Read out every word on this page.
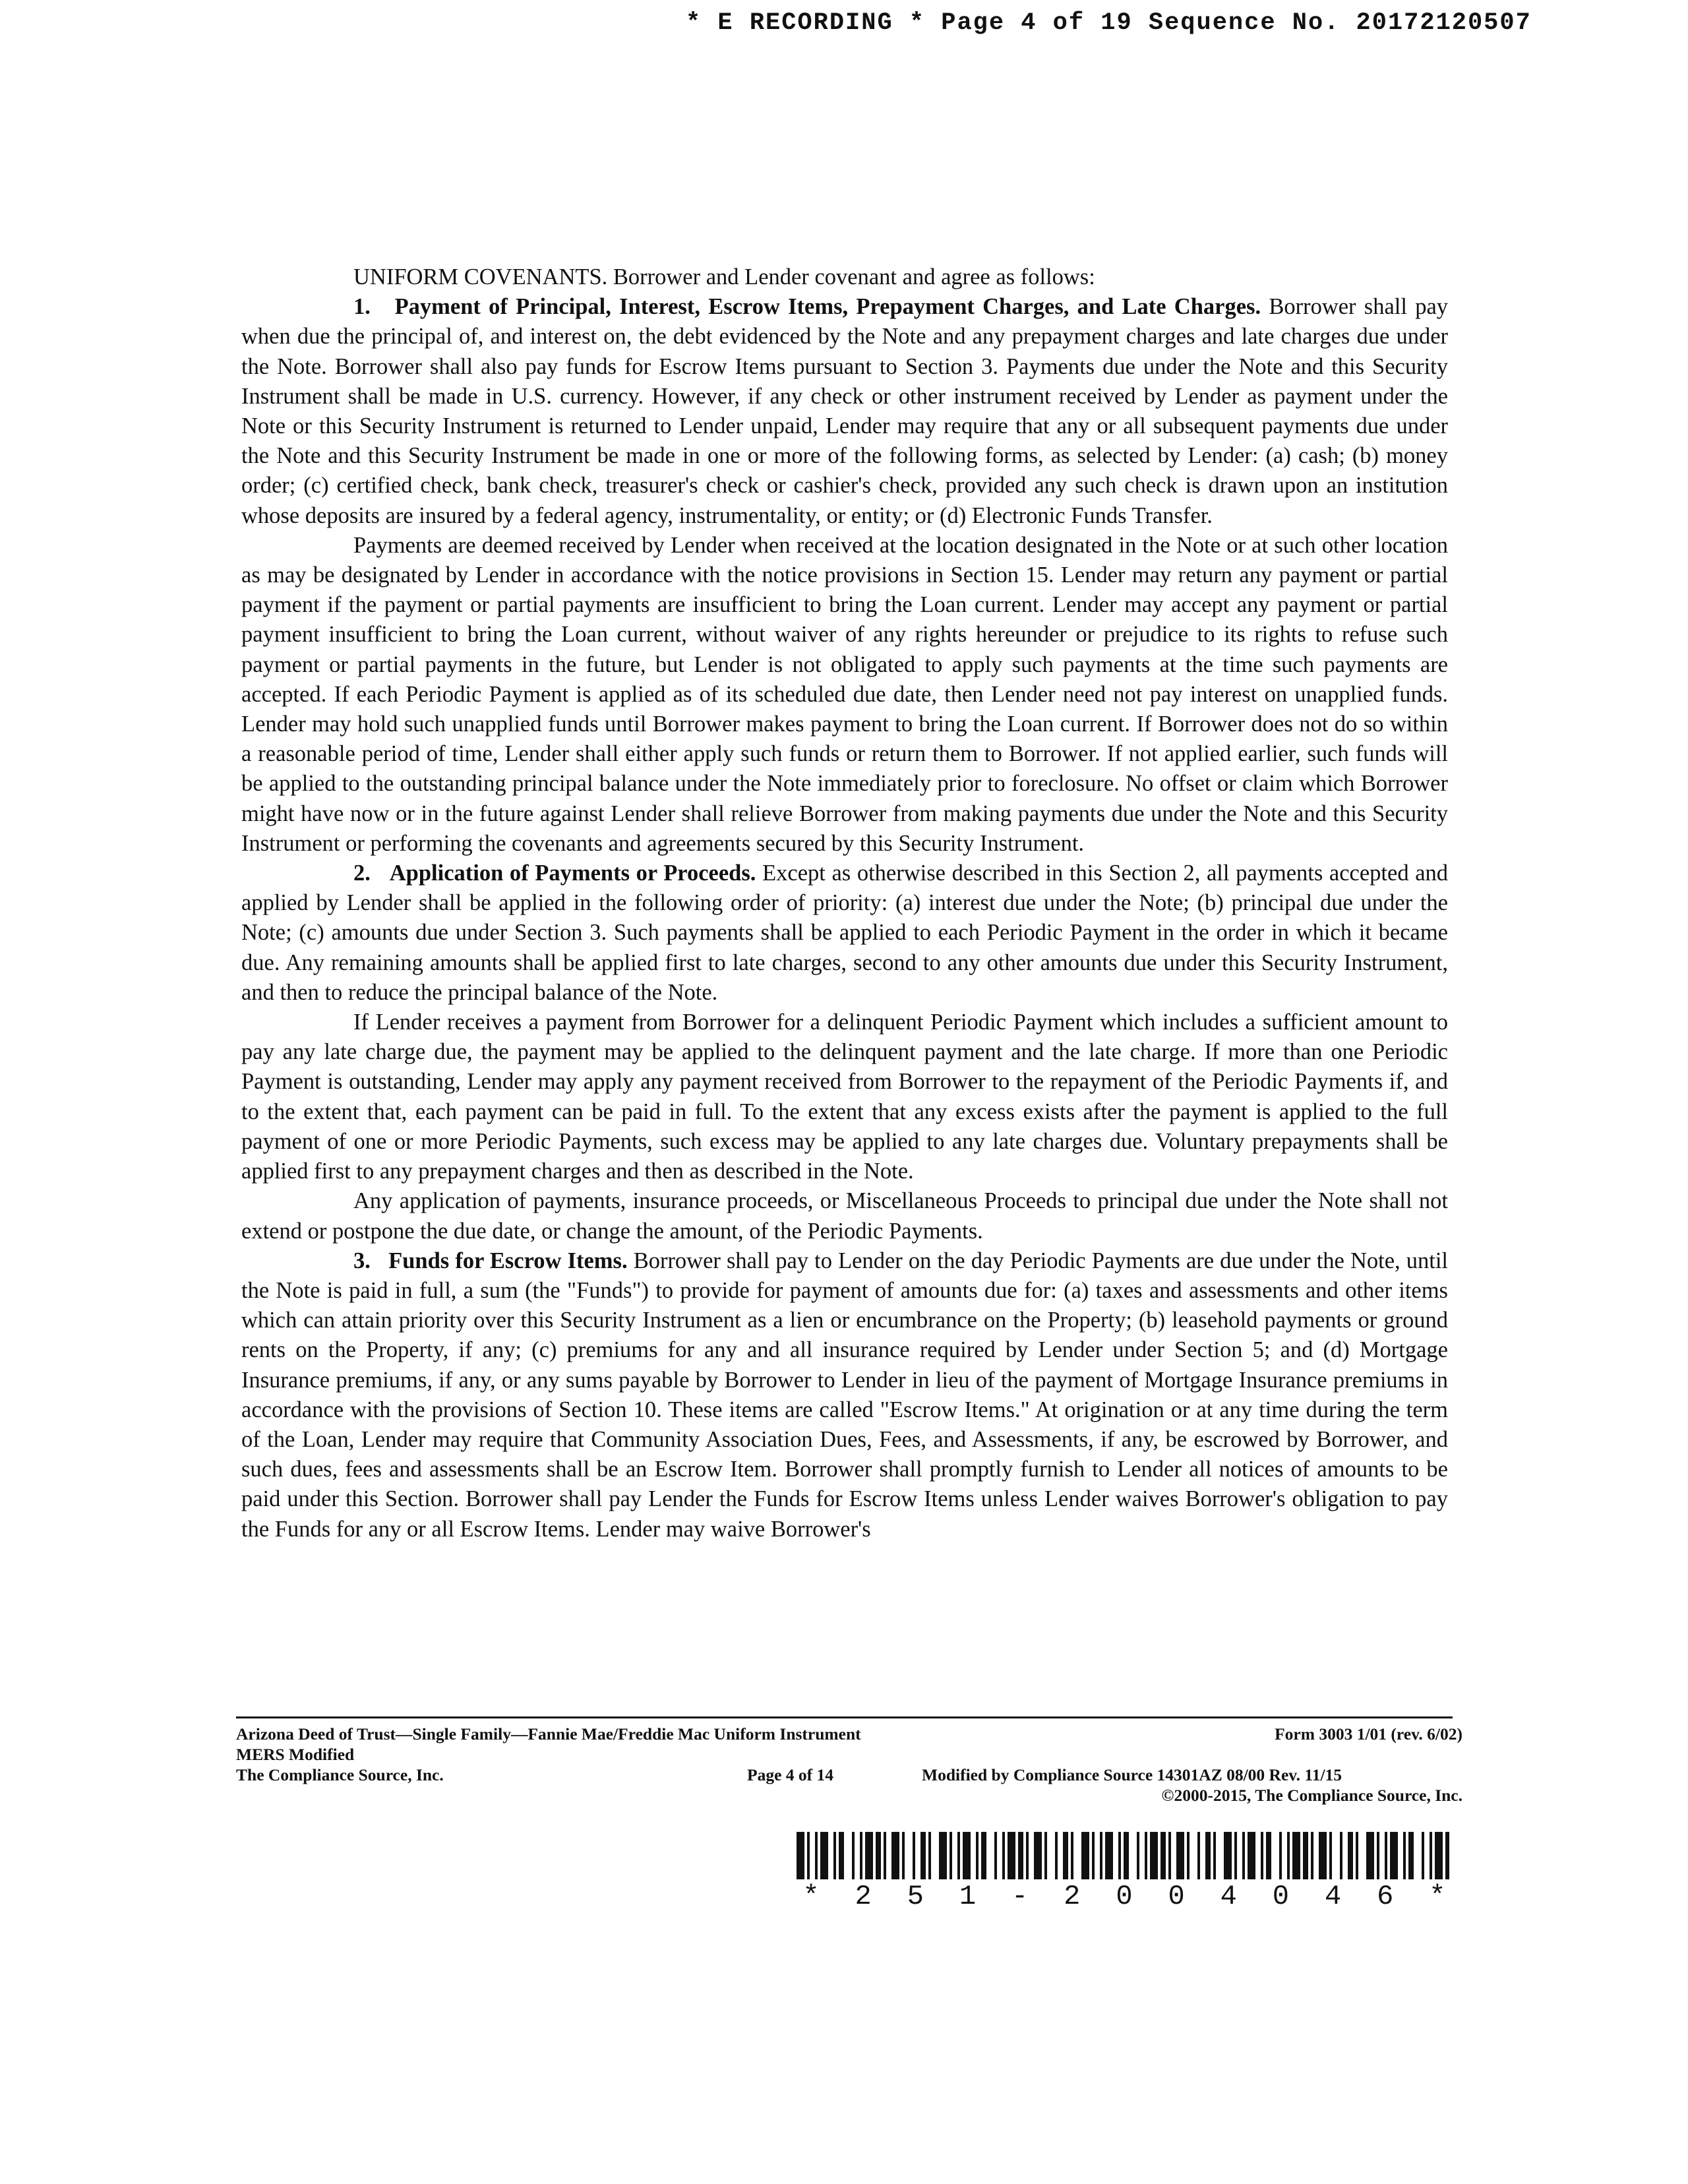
* E RECORDING * Page 4 of 19 Sequence No. 20172120507

UNIFORM COVENANTS. Borrower and Lender covenant and agree as follows:

1. Payment of Principal, Interest, Escrow Items, Prepayment Charges, and Late Charges. Borrower shall pay when due the principal of, and interest on, the debt evidenced by the Note and any prepayment charges and late charges due under the Note. Borrower shall also pay funds for Escrow Items pursuant to Section 3. Payments due under the Note and this Security Instrument shall be made in U.S. currency. However, if any check or other instrument received by Lender as payment under the Note or this Security Instrument is returned to Lender unpaid, Lender may require that any or all subsequent payments due under the Note and this Security Instrument be made in one or more of the following forms, as selected by Lender: (a) cash; (b) money order; (c) certified check, bank check, treasurer's check or cashier's check, provided any such check is drawn upon an institution whose deposits are insured by a federal agency, instrumentality, or entity; or (d) Electronic Funds Transfer.

Payments are deemed received by Lender when received at the location designated in the Note or at such other location as may be designated by Lender in accordance with the notice provisions in Section 15. Lender may return any payment or partial payment if the payment or partial payments are insufficient to bring the Loan current. Lender may accept any payment or partial payment insufficient to bring the Loan current, without waiver of any rights hereunder or prejudice to its rights to refuse such payment or partial payments in the future, but Lender is not obligated to apply such payments at the time such payments are accepted. If each Periodic Payment is applied as of its scheduled due date, then Lender need not pay interest on unapplied funds. Lender may hold such unapplied funds until Borrower makes payment to bring the Loan current. If Borrower does not do so within a reasonable period of time, Lender shall either apply such funds or return them to Borrower. If not applied earlier, such funds will be applied to the outstanding principal balance under the Note immediately prior to foreclosure. No offset or claim which Borrower might have now or in the future against Lender shall relieve Borrower from making payments due under the Note and this Security Instrument or performing the covenants and agreements secured by this Security Instrument.

2. Application of Payments or Proceeds. Except as otherwise described in this Section 2, all payments accepted and applied by Lender shall be applied in the following order of priority: (a) interest due under the Note; (b) principal due under the Note; (c) amounts due under Section 3. Such payments shall be applied to each Periodic Payment in the order in which it became due. Any remaining amounts shall be applied first to late charges, second to any other amounts due under this Security Instrument, and then to reduce the principal balance of the Note.

If Lender receives a payment from Borrower for a delinquent Periodic Payment which includes a sufficient amount to pay any late charge due, the payment may be applied to the delinquent payment and the late charge. If more than one Periodic Payment is outstanding, Lender may apply any payment received from Borrower to the repayment of the Periodic Payments if, and to the extent that, each payment can be paid in full. To the extent that any excess exists after the payment is applied to the full payment of one or more Periodic Payments, such excess may be applied to any late charges due. Voluntary prepayments shall be applied first to any prepayment charges and then as described in the Note.

Any application of payments, insurance proceeds, or Miscellaneous Proceeds to principal due under the Note shall not extend or postpone the due date, or change the amount, of the Periodic Payments.

3. Funds for Escrow Items. Borrower shall pay to Lender on the day Periodic Payments are due under the Note, until the Note is paid in full, a sum (the "Funds") to provide for payment of amounts due for: (a) taxes and assessments and other items which can attain priority over this Security Instrument as a lien or encumbrance on the Property; (b) leasehold payments or ground rents on the Property, if any; (c) premiums for any and all insurance required by Lender under Section 5; and (d) Mortgage Insurance premiums, if any, or any sums payable by Borrower to Lender in lieu of the payment of Mortgage Insurance premiums in accordance with the provisions of Section 10. These items are called "Escrow Items." At origination or at any time during the term of the Loan, Lender may require that Community Association Dues, Fees, and Assessments, if any, be escrowed by Borrower, and such dues, fees and assessments shall be an Escrow Item. Borrower shall promptly furnish to Lender all notices of amounts to be paid under this Section. Borrower shall pay Lender the Funds for Escrow Items unless Lender waives Borrower's obligation to pay the Funds for any or all Escrow Items. Lender may waive Borrower's

Arizona Deed of Trust—Single Family—Fannie Mae/Freddie Mac Uniform Instrument	Form 3003 1/01 (rev. 6/02)
MERS Modified
The Compliance Source, Inc.	Page 4 of 14	Modified by Compliance Source 14301AZ 08/00 Rev. 11/15
©2000-2015, The Compliance Source, Inc.
*	2	5	1	-	2	0	0	4	0	4	6	*
